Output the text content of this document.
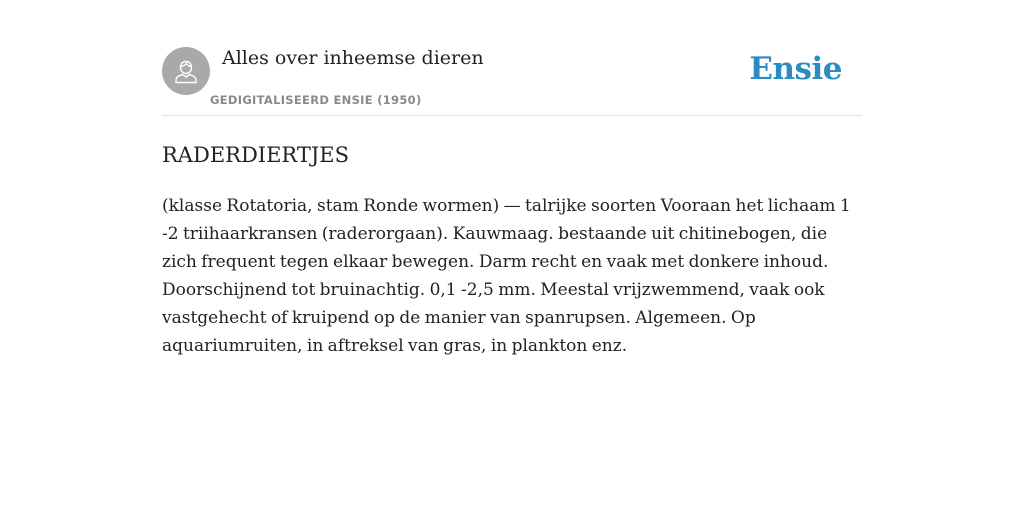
Alles over inheemse dieren
GEDIGITALISEERD ENSIE (1950)
Ensie
RADERDIERTJES

(klasse Rotatoria, stam Ronde wormen) — talrijke soorten Vooraan het lichaam 1 -2 triihaarkransen (raderorgaan). Kauwmaag. bestaande uit chitinebogen, die zich frequent tegen elkaar bewegen. Darm recht en vaak met donkere inhoud. Doorschijnend tot bruinachtig. 0,1 -2,5 mm. Meestal vrijzwemmend, vaak ook vastgehecht of kruipend op de manier van spanrupsen. Algemeen. Op aquariumruiten, in aftreksel van gras, in plankton enz.
